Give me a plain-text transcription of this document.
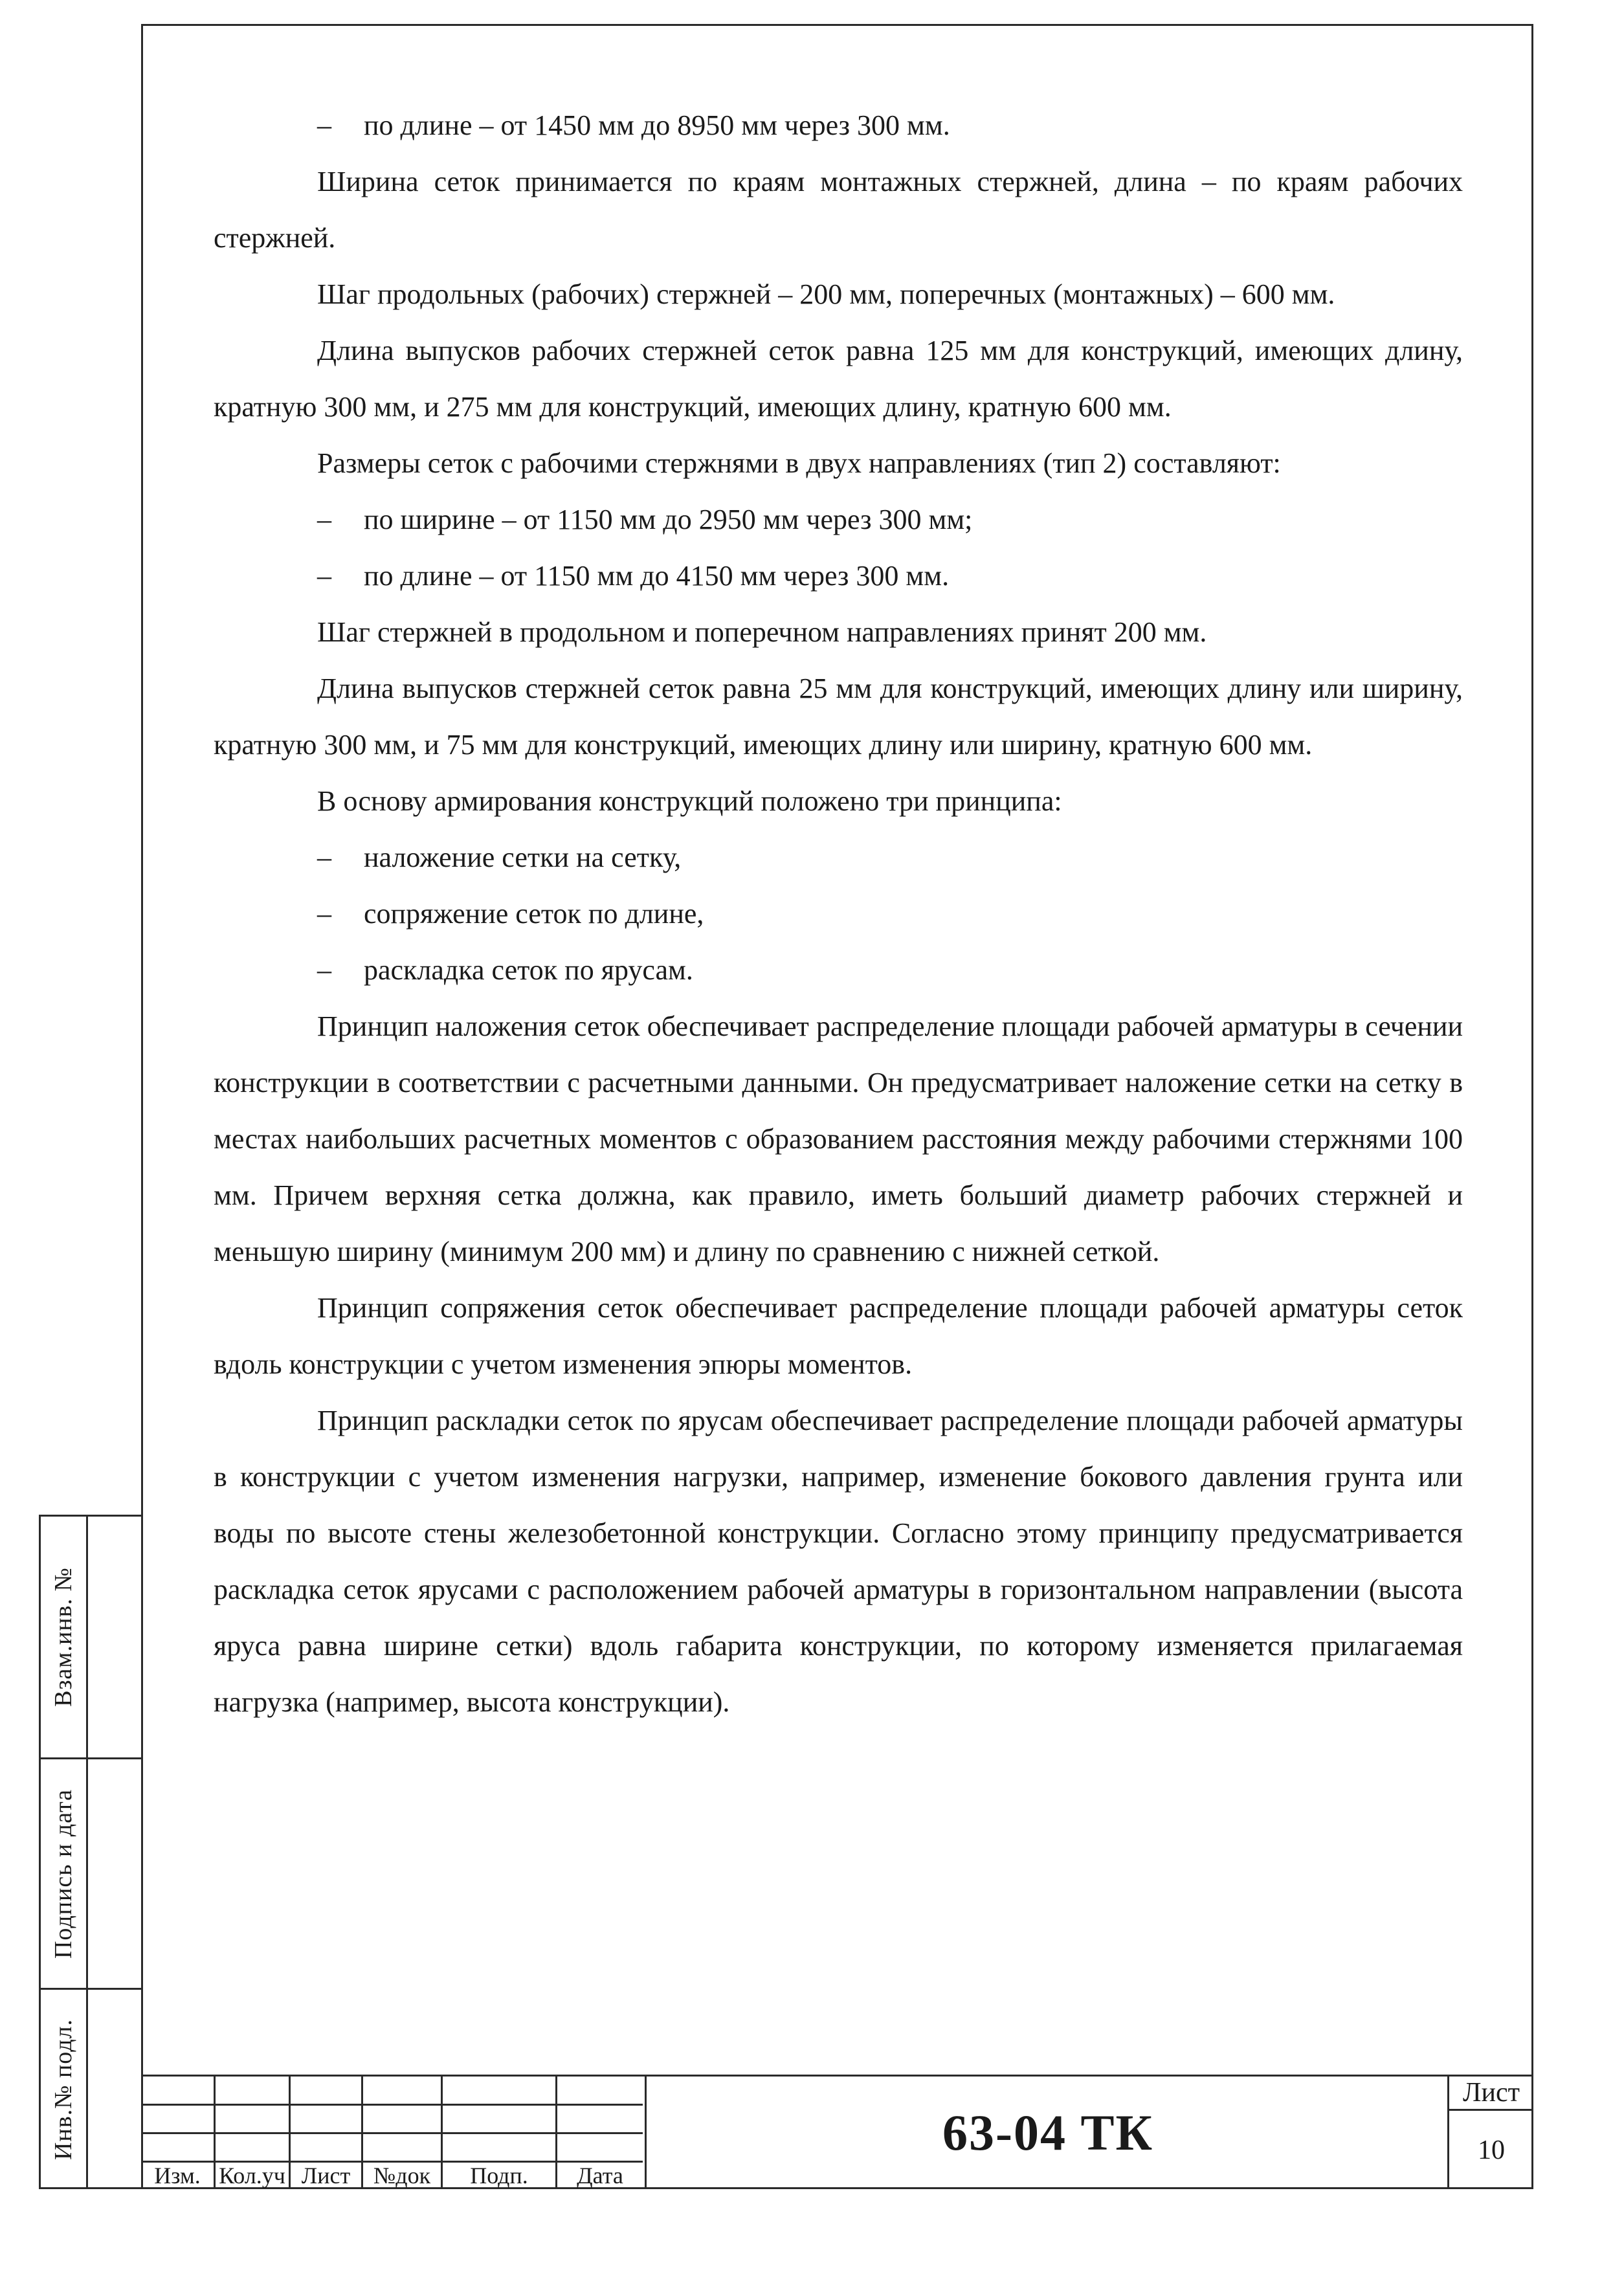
Взам.инв. №
Подпись и дата
Инв.№ подл.

– по длине – от 1450 мм до 8950 мм через 300 мм.

Ширина сеток принимается по краям монтажных стержней, длина – по краям рабочих стержней.

Шаг продольных (рабочих) стержней – 200 мм, поперечных (монтажных) – 600 мм.

Длина выпусков рабочих стержней сеток равна 125 мм для конструкций, имеющих длину, кратную 300 мм, и 275 мм для конструкций, имеющих длину, кратную 600 мм.

Размеры сеток с рабочими стержнями в двух направлениях (тип 2) составляют:

– по ширине – от 1150 мм до 2950 мм через 300 мм;

– по длине – от 1150 мм до 4150 мм через 300 мм.

Шаг стержней в продольном и поперечном направлениях принят 200 мм.

Длина выпусков стержней сеток равна 25 мм для конструкций, имеющих длину или ширину, кратную 300 мм, и 75 мм для конструкций, имеющих длину или ширину, кратную 600 мм.

В основу армирования конструкций положено три принципа:

– наложение сетки на сетку,

– сопряжение сеток по длине,

– раскладка сеток по ярусам.

Принцип наложения сеток обеспечивает распределение площади рабочей арматуры в сечении конструкции в соответствии с расчетными данными. Он предусматривает наложение сетки на сетку в местах наибольших расчетных моментов с образованием расстояния между рабочими стержнями 100 мм. Причем верхняя сетка должна, как правило, иметь больший диаметр рабочих стержней и меньшую ширину (минимум 200 мм) и длину по сравнению с нижней сеткой.

Принцип сопряжения сеток обеспечивает распределение площади рабочей арматуры сеток вдоль конструкции с учетом изменения эпюры моментов.

Принцип раскладки сеток по ярусам обеспечивает распределение площади рабочей арматуры в конструкции с учетом изменения нагрузки, например, изменение бокового давления грунта или воды по высоте стены железобетонной конструкции. Согласно этому принципу предусматривается раскладка сеток ярусами с расположением рабочей арматуры в горизонтальном направлении (высота яруса равна ширине сетки) вдоль габарита конструкции, по которому изменяется прилагаемая нагрузка (например, высота конструкции).

Изм. Кол.уч Лист №док	Подп.	Дата
63-04 ТК
Лист
10
